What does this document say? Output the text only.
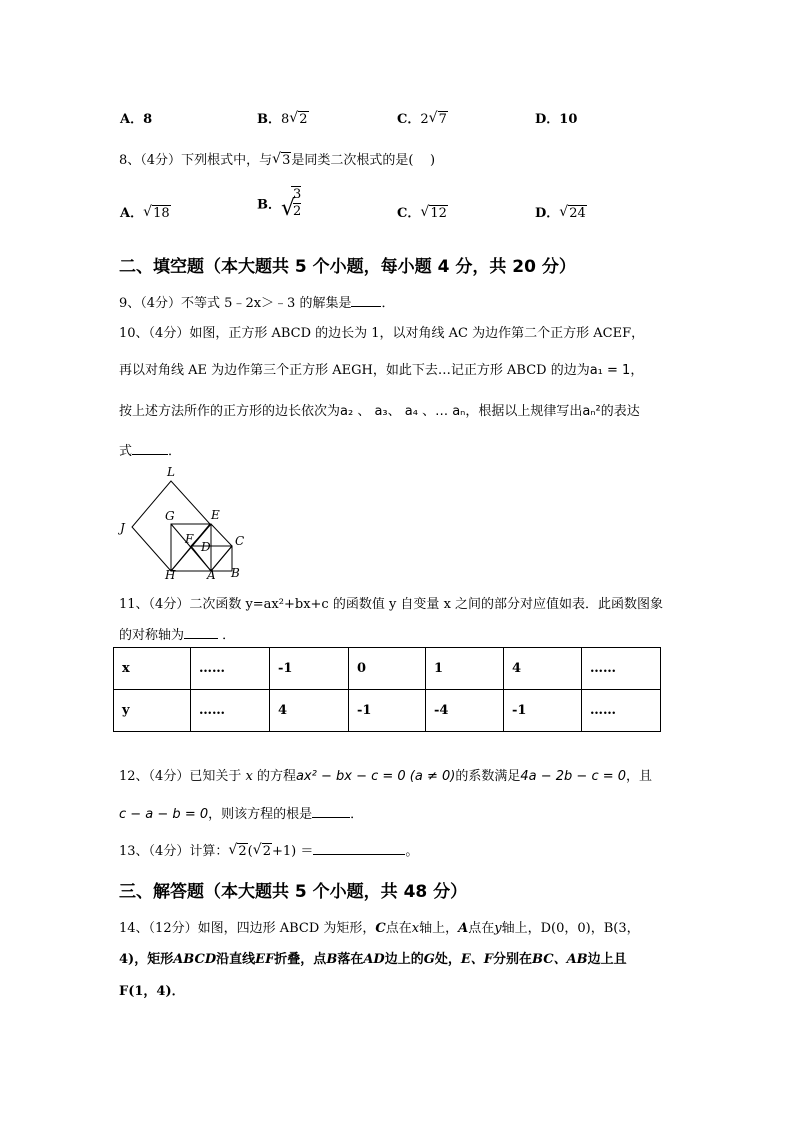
A．8	B．8 √ 2	C．2 √ 7	D．10
8、（4分）下列根式中，与 √ 3是同类二次根式的是( )
A． √ 18
B． √
$\frac{3}{2}$	C． √ 12	D． √ 24
二、填空题（本大题共 5 个小题，每小题 4 分，共 20 分）
9、（4分）不等式 5﹣2x＞﹣3 的解集是 ．
10、（4分）如图，正方形 ABCD 的边长为 1，以对角线 AC 为边作第二个正方形 ACEF，
再以对角线 AE 为边作第三个正方形 AEGH，如此下去…记正方形 ABCD 的边为a₁ = 1，
按上述方法所作的正方形的边长依次为a₂ 、 a₃、 a₄ 、… aₙ，根据以上规律写出aₙ²的表达
式	．
L
G	E
J
F
D C
H	A B
11、（4分）二次函数 y=ax²+bx+c 的函数值 y 自变量 x 之间的部分对应值如表．此函数图象
的对称轴为	．
x	……	-1	0	1	4	……
y	……	4	-1	-4	-1	……
12、（4分）已知关于 x 的方程ax² − bx − c = 0 (a ≠ 0)的系数满足4a − 2b − c = 0，且
c − a − b = 0，则该方程的根是	．
13、（4分）计算： √ 2( √ 2+1) ＝	。
三、解答题（本大题共 5 个小题，共 48 分）
14、（12分）如图，四边形 ABCD 为矩形，C点在x轴上，A点在y轴上，D(0，0)，B(3，
4)，矩形ABCD沿直线EF折叠，点B落在AD边上的G处，E、F分别在BC、AB边上且
F(1，4)．
